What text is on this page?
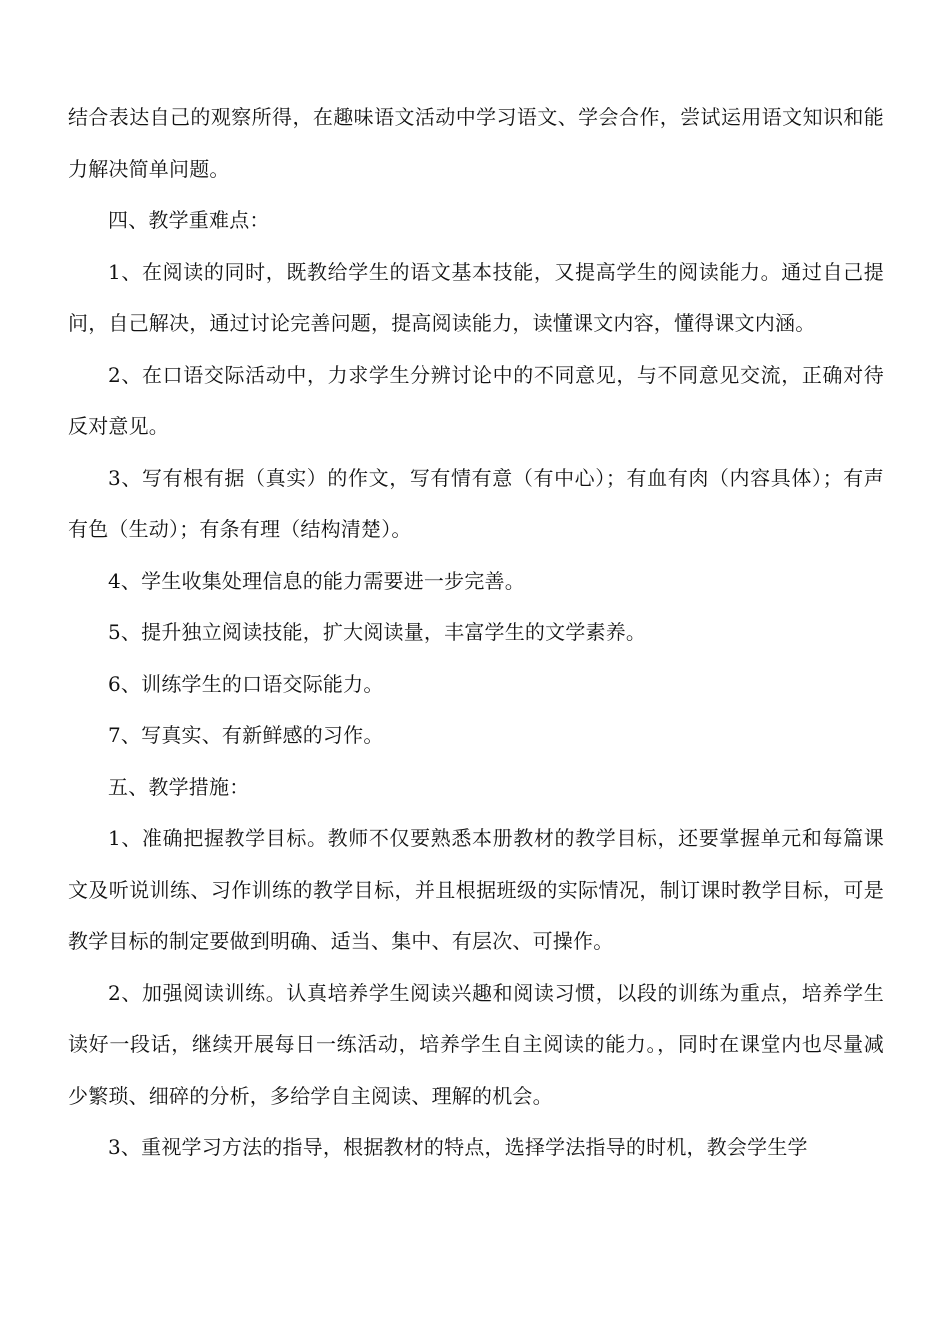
结合表达自己的观察所得，在趣味语文活动中学习语文、学会合作，尝试运用语文知识和能力解决简单问题。

四、教学重难点：

1、在阅读的同时，既教给学生的语文基本技能，又提高学生的阅读能力。通过自己提问，自己解决，通过讨论完善问题，提高阅读能力，读懂课文内容，懂得课文内涵。

2、在口语交际活动中，力求学生分辨讨论中的不同意见，与不同意见交流，正确对待反对意见。

3、写有根有据（真实）的作文，写有情有意（有中心）；有血有肉（内容具体）；有声有色（生动）；有条有理（结构清楚）。

4、学生收集处理信息的能力需要进一步完善。

5、提升独立阅读技能，扩大阅读量，丰富学生的文学素养。

6、训练学生的口语交际能力。

7、写真实、有新鲜感的习作。

五、教学措施：

1、准确把握教学目标。教师不仅要熟悉本册教材的教学目标，还要掌握单元和每篇课文及听说训练、习作训练的教学目标，并且根据班级的实际情况，制订课时教学目标，可是教学目标的制定要做到明确、适当、集中、有层次、可操作。

2、加强阅读训练。认真培养学生阅读兴趣和阅读习惯，以段的训练为重点，培养学生读好一段话，继续开展每日一练活动，培养学生自主阅读的能力。，同时在课堂内也尽量减少繁琐、细碎的分析，多给学自主阅读、理解的机会。

3、重视学习方法的指导，根据教材的特点，选择学法指导的时机，教会学生学
